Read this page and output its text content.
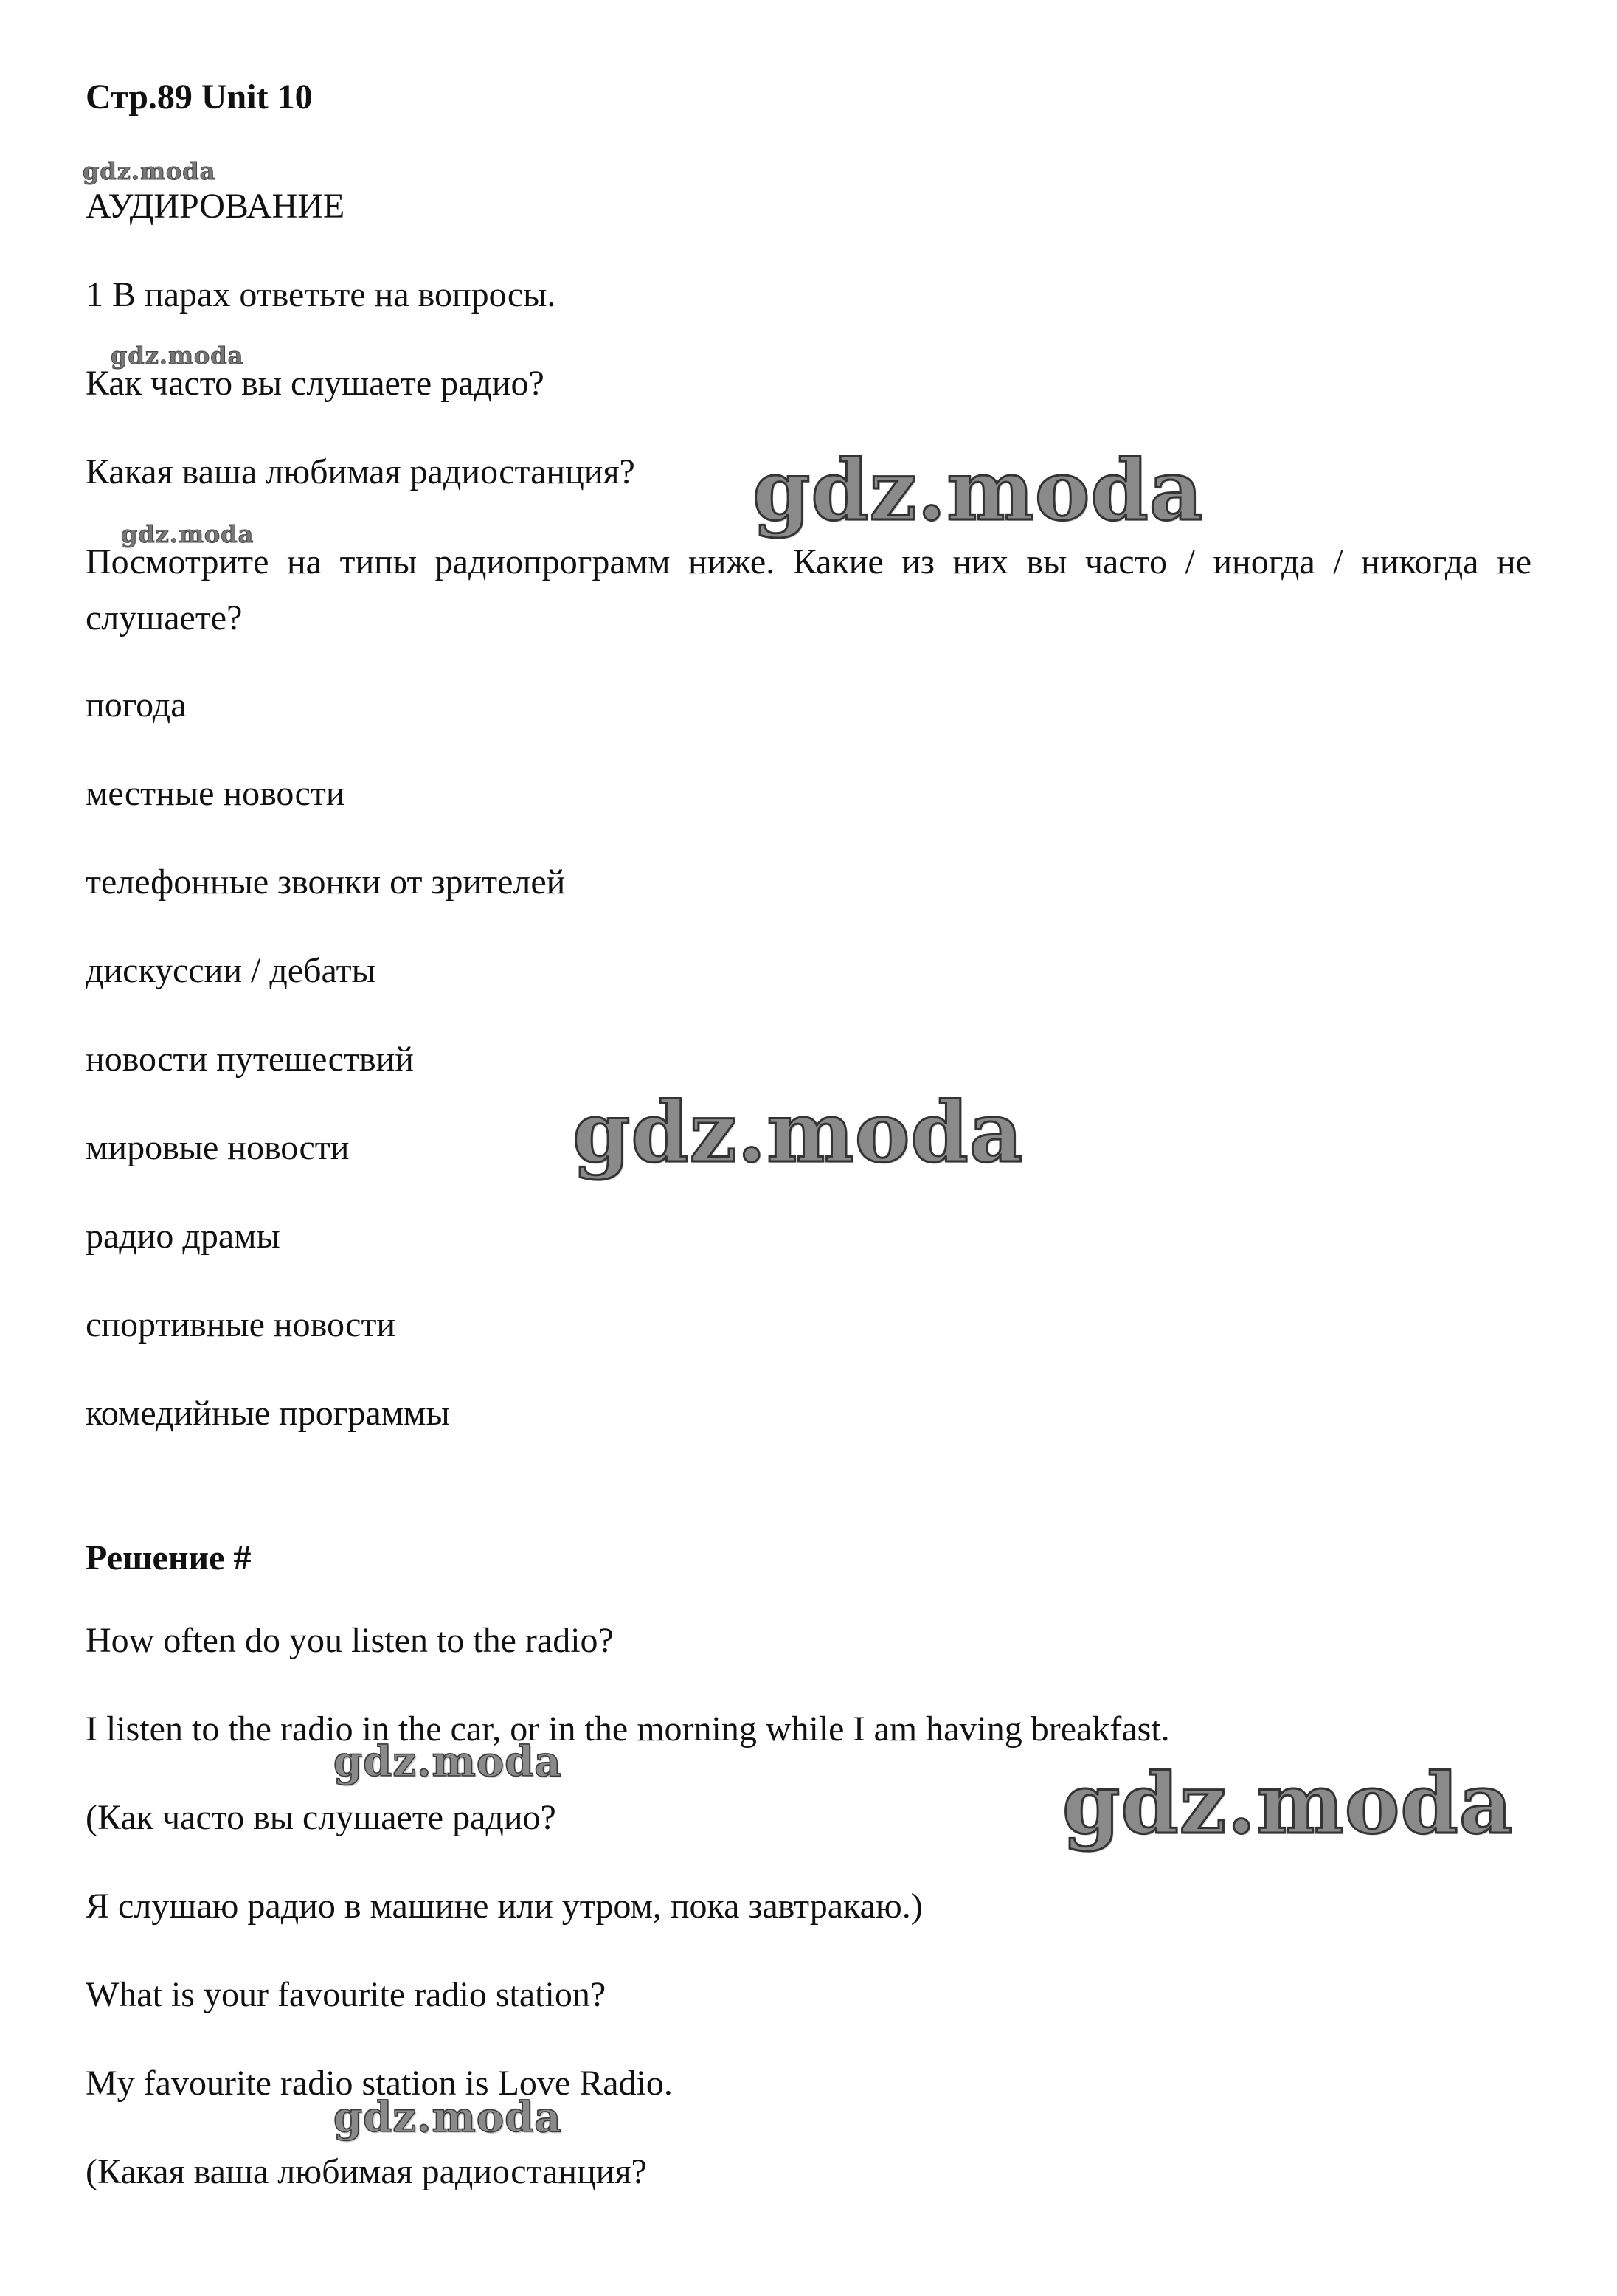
Стр.89 Unit 10
АУДИРОВАНИЕ
1 В парах ответьте на вопросы.
Как часто вы слушаете радио?
Какая ваша любимая радиостанция?
Посмотрите на типы радиопрограмм ниже. Какие из них вы часто / иногда / никогда не слушаете?
погода
местные новости
телефонные звонки от зрителей
дискуссии / дебаты
новости путешествий
мировые новости
радио драмы
спортивные новости
комедийные программы
Решение #
How often do you listen to the radio?
I listen to the radio in the car, or in the morning while I am having breakfast.
(Как часто вы слушаете радио?
Я слушаю радио в машине или утром, пока завтракаю.)
What is your favourite radio station?
My favourite radio station is Love Radio.
(Какая ваша любимая радиостанция?
gdz.moda
gdz.moda
gdz.moda	gdz.moda
gdz.moda
gdz.moda	gdz.moda
gdz.moda
